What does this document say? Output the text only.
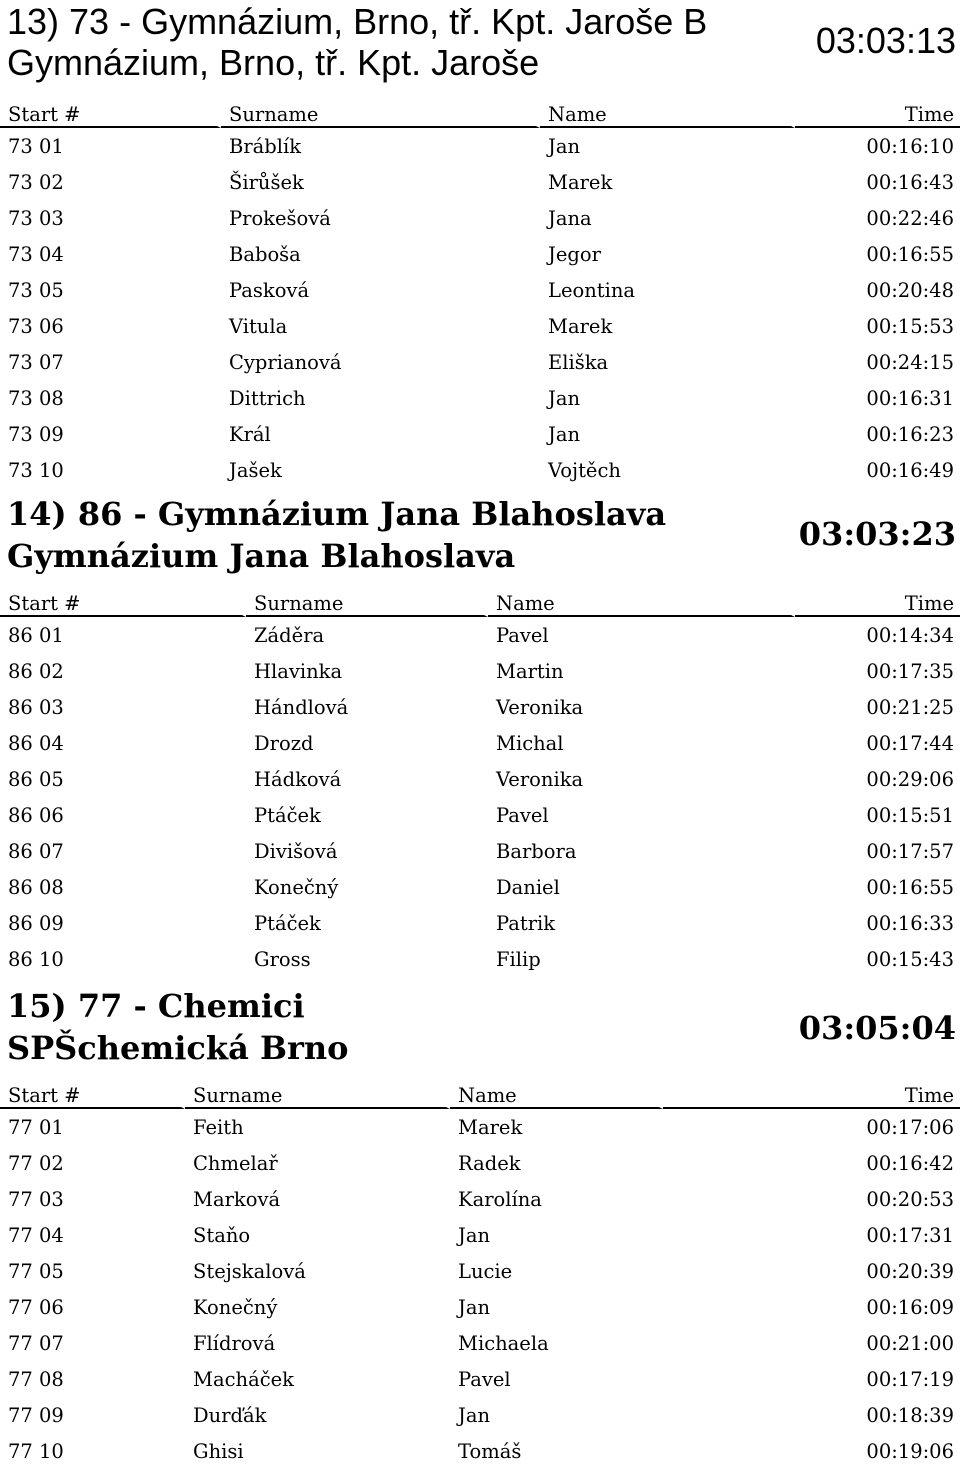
13) 73 - Gymnázium, Brno, tř. Kpt. Jaroše B
Gymnázium, Brno, tř. Kpt. Jaroše
03:03:13
Start #	Surname	Name	Time
73 01	Bráblík	Jan	00:16:10
73 02	Širůšek	Marek	00:16:43
73 03	Prokešová	Jana	00:22:46
73 04	Baboša	Jegor	00:16:55
73 05	Pasková	Leontina	00:20:48
73 06	Vitula	Marek	00:15:53
73 07	Cyprianová	Eliška	00:24:15
73 08	Dittrich	Jan	00:16:31
73 09	Král	Jan	00:16:23
73 10	Jašek	Vojtěch	00:16:49
14) 86 - Gymnázium Jana Blahoslava
Gymnázium Jana Blahoslava
03:03:23
Start #	Surname	Name	Time
86 01	Záděra	Pavel	00:14:34
86 02	Hlavinka	Martin	00:17:35
86 03	Hándlová	Veronika	00:21:25
86 04	Drozd	Michal	00:17:44
86 05	Hádková	Veronika	00:29:06
86 06	Ptáček	Pavel	00:15:51
86 07	Divišová	Barbora	00:17:57
86 08	Konečný	Daniel	00:16:55
86 09	Ptáček	Patrik	00:16:33
86 10	Gross	Filip	00:15:43
15) 77 - Chemici
SPŠchemická Brno
03:05:04
Start #	Surname	Name	Time
77 01	Feith	Marek	00:17:06
77 02	Chmelař	Radek	00:16:42
77 03	Marková	Karolína	00:20:53
77 04	Staňo	Jan	00:17:31
77 05	Stejskalová	Lucie	00:20:39
77 06	Konečný	Jan	00:16:09
77 07	Flídrová	Michaela	00:21:00
77 08	Macháček	Pavel	00:17:19
77 09	Durďák	Jan	00:18:39
77 10	Ghisi	Tomáš	00:19:06
